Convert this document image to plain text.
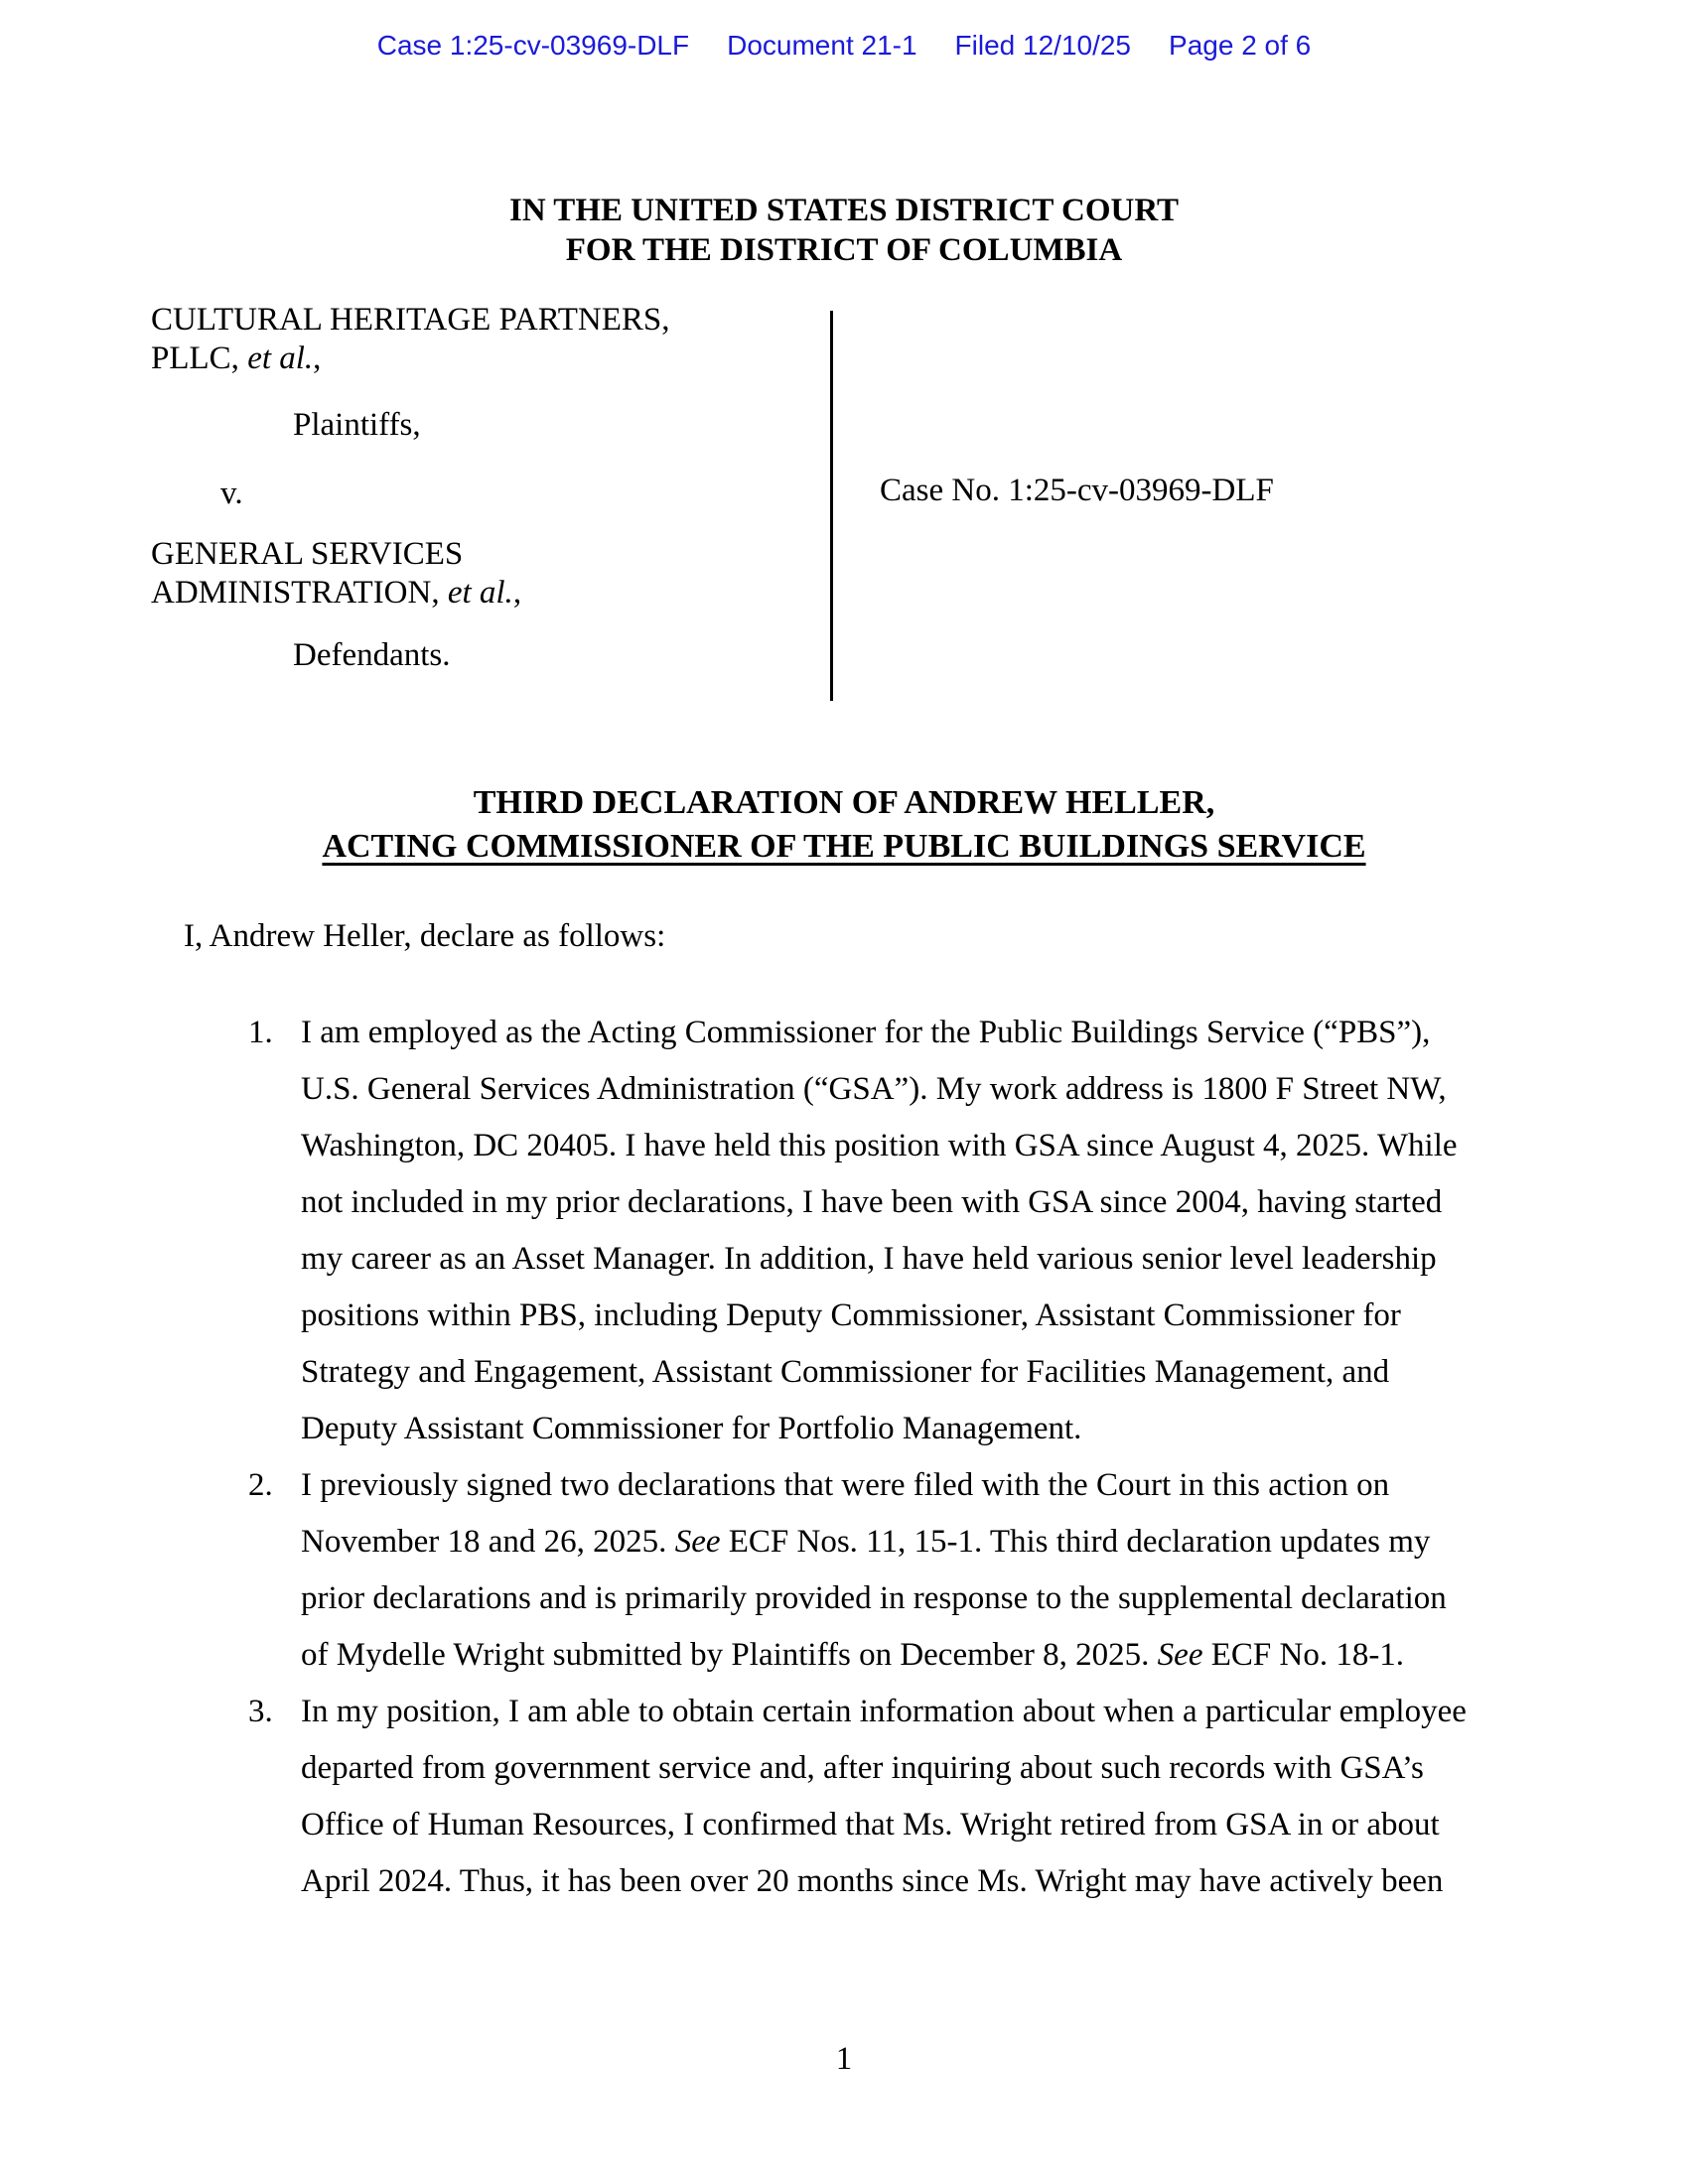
Case 1:25-cv-03969-DLF Document 21-1 Filed 12/10/25 Page 2 of 6
IN THE UNITED STATES DISTRICT COURT
FOR THE DISTRICT OF COLUMBIA
CULTURAL HERITAGE PARTNERS,
PLLC, et al.,
Plaintiffs,
v.
GENERAL SERVICES
ADMINISTRATION, et al.,
Defendants.
Case No. 1:25-cv-03969-DLF
THIRD DECLARATION OF ANDREW HELLER,
ACTING COMMISSIONER OF THE PUBLIC BUILDINGS SERVICE
I, Andrew Heller, declare as follows:
1. I am employed as the Acting Commissioner for the Public Buildings Service (“PBS”),
U.S. General Services Administration (“GSA”). My work address is 1800 F Street NW,
Washington, DC 20405. I have held this position with GSA since August 4, 2025. While
not included in my prior declarations, I have been with GSA since 2004, having started
my career as an Asset Manager. In addition, I have held various senior level leadership
positions within PBS, including Deputy Commissioner, Assistant Commissioner for
Strategy and Engagement, Assistant Commissioner for Facilities Management, and
Deputy Assistant Commissioner for Portfolio Management.
2. I previously signed two declarations that were filed with the Court in this action on
November 18 and 26, 2025. See ECF Nos. 11, 15-1. This third declaration updates my
prior declarations and is primarily provided in response to the supplemental declaration
of Mydelle Wright submitted by Plaintiffs on December 8, 2025. See ECF No. 18-1.
3. In my position, I am able to obtain certain information about when a particular employee
departed from government service and, after inquiring about such records with GSA’s
Office of Human Resources, I confirmed that Ms. Wright retired from GSA in or about
April 2024. Thus, it has been over 20 months since Ms. Wright may have actively been
1
